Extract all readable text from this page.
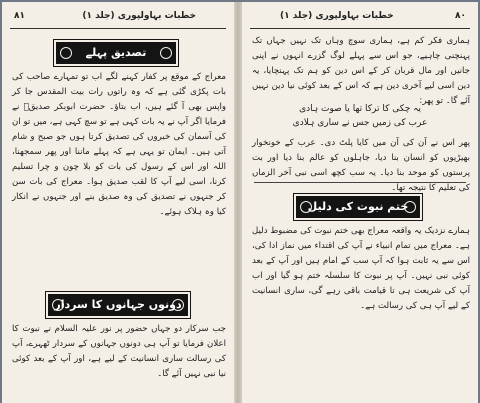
خطبات بہاولپوری (جلد ۱)
٨١
تصدیق پہلے

معراج کے موقع پر کفار کہنے لگے اب تو تمہارے صاحب کی بات پکڑی گئی ہے کہ وہ راتوں رات بیت المقدس جا کر واپس بھی آ گئے ہیں، اب بتاؤ۔ حضرت ابوبکر صدیقؓ نے فرمایا اگر آپ نے یہ بات کہی ہے تو سچ کہی ہے، میں تو ان کی آسمان کی خبروں کی تصدیق کرتا ہوں جو صبح و شام آتی ہیں۔ ایمان تو یہی ہے کہ پہلے ماننا اور پھر سمجھنا، اللہ اور اس کے رسول کی بات کو بلا چون و چرا تسلیم کرنا، اسی لیے آپ کا لقب صدیق ہوا۔ معراج کی بات سن کر جنہوں نے تصدیق کی وہ صدیق بنے اور جنہوں نے انکار کیا وہ ہلاک ہوئے۔

دونوں جہانوں کا سردار

جب سرکار دو جہاں حضور پر نور علیہ السلام نے نبوت کا اعلان فرمایا تو آپ ہی دونوں جہانوں کے سردار ٹھہرے، آپ کی رسالت ساری انسانیت کے لیے ہے، اور آپ کے بعد کوئی نیا نبی نہیں آئے گا۔

خطبات بہاولپوری (جلد ۱)	٨٠

ہماری فکر کم ہے، ہماری سوچ وہاں تک نہیں جہاں تک پہنچنی چاہیے، جو اس سے پہلے لوگ گزرے انہوں نے اپنی جانیں اور مال قربان کر کے اس دین کو ہم تک پہنچایا، یہ دین اسی لیے آخری دین ہے کہ اس کے بعد کوئی نیا دین نہیں آئے گا۔ تو پھر:

یہ چکی کا ترکا تھا یا صوت ہادی
عرب کی زمیں جس نے ساری ہلادی

پھر اس نے آن کی آن میں کایا پلٹ دی۔ عرب کے خونخوار بھیڑیوں کو انسان بنا دیا، جاہلوں کو عالم بنا دیا اور بت پرستوں کو موحد بنا دیا۔ یہ سب کچھ اسی نبی آخر الزماں کی تعلیم کا نتیجہ تھا۔

ختم نبوت کی دلیل

ہمارے نزدیک یہ واقعہ معراج بھی ختم نبوت کی مضبوط دلیل ہے۔ معراج میں تمام انبیاء نے آپ کی اقتداء میں نماز ادا کی، اس سے یہ ثابت ہوا کہ آپ سب کے امام ہیں اور آپ کے بعد کوئی نبی نہیں۔ آپ پر نبوت کا سلسلہ ختم ہو گیا اور اب آپ کی شریعت ہی تا قیامت باقی رہے گی، ساری انسانیت کے لیے آپ ہی کی رسالت ہے۔
